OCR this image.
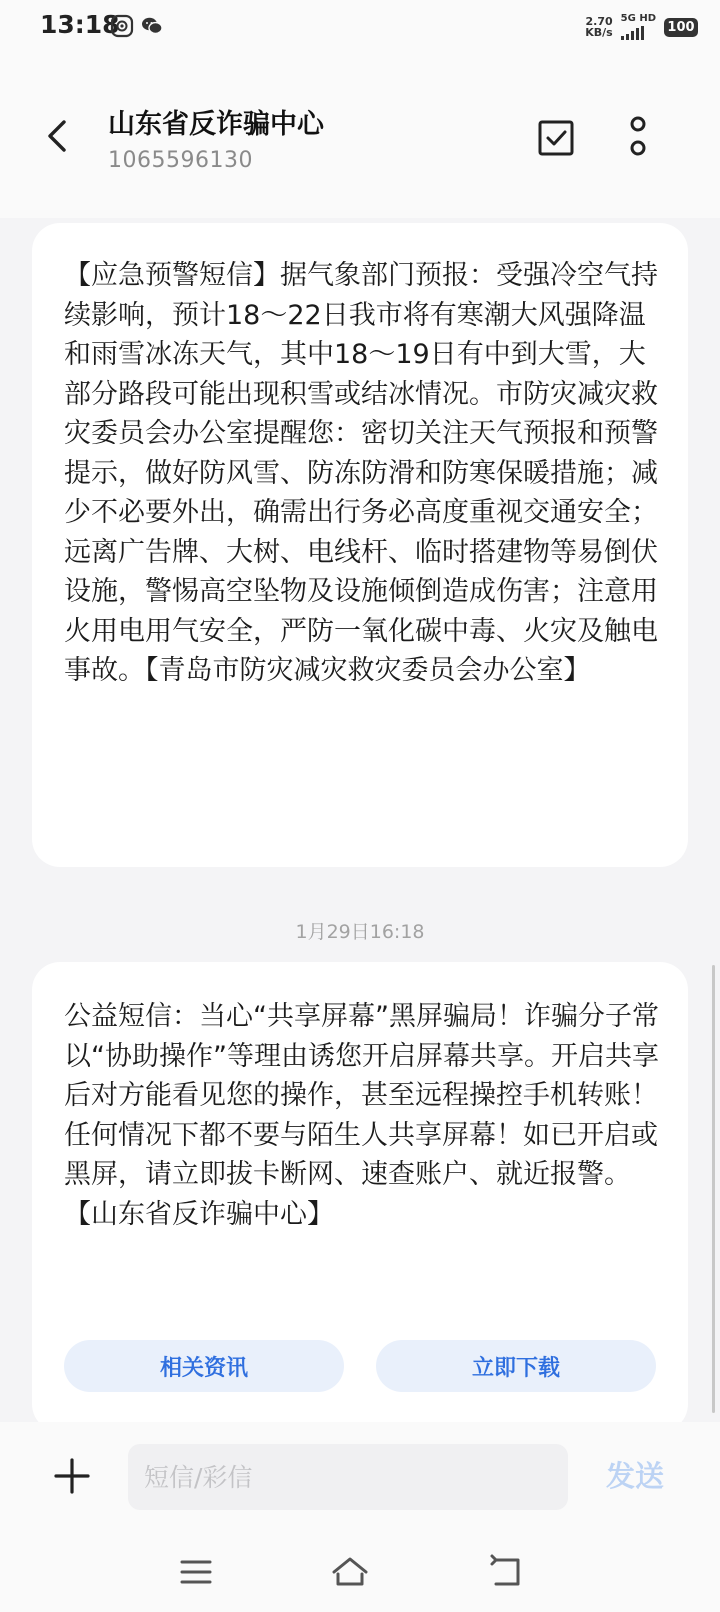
13:18	2.70
KB/s
5G HD
100
山东省反诈骗中心
1065596130
【应急预警短信】据气象部门预报：受强冷空气持续影响，预计18～22日我市将有寒潮大风强降温和雨雪冰冻天气，其中18～19日有中到大雪，大部分路段可能出现积雪或结冰情况。市防灾减灾救灾委员会办公室提醒您：密切关注天气预报和预警提示，做好防风雪、防冻防滑和防寒保暖措施；减少不必要外出，确需出行务必高度重视交通安全；远离广告牌、大树、电线杆、临时搭建物等易倒伏设施，警惕高空坠物及设施倾倒造成伤害；注意用火用电用气安全，严防一氧化碳中毒、火灾及触电事故。【青岛市防灾减灾救灾委员会办公室】
1月29日16:18
公益短信：当心“共享屏幕”黑屏骗局！诈骗分子常以“协助操作”等理由诱您开启屏幕共享。开启共享后对方能看见您的操作，甚至远程操控手机转账！任何情况下都不要与陌生人共享屏幕！如已开启或黑屏，请立即拔卡断网、速查账户、就近报警。【山东省反诈骗中心】
相关资讯	立即下载
短信/彩信
发送
